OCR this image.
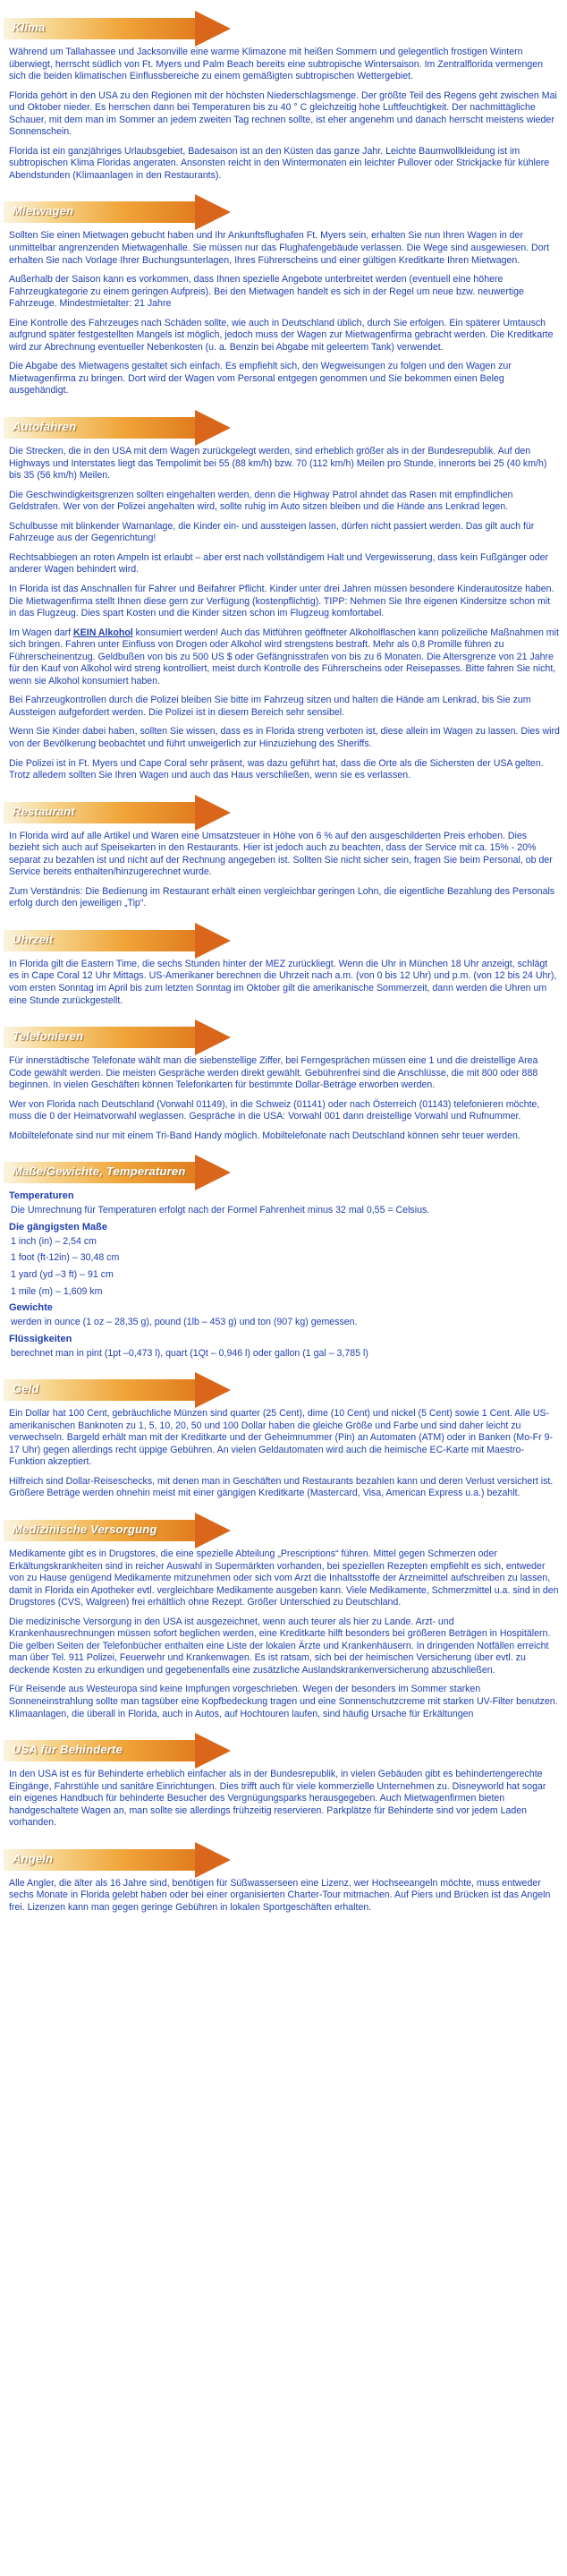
Klima

Während um Tallahassee und Jacksonville eine warme Klimazone mit heißen Sommern und gelegentlich frostigen Wintern überwiegt, herrscht südlich von Ft. Myers und Palm Beach bereits eine subtropische Wintersaison. Im Zentralflorida vermengen sich die beiden klimatischen Einflussbereiche zu einem gemäßigten subtropischen Wettergebiet.

Florida gehört in den USA zu den Regionen mit der höchsten Niederschlagsmenge. Der größte Teil des Regens geht zwischen Mai und Oktober nieder. Es herrschen dann bei Temperaturen bis zu 40 ° C gleichzeitig hohe Luftfeuchtigkeit. Der nachmittägliche Schauer, mit dem man im Sommer an jedem zweiten Tag rechnen sollte, ist eher angenehm und danach herrscht meistens wieder Sonnenschein.

Florida ist ein ganzjähriges Urlaubsgebiet, Badesaison ist an den Küsten das ganze Jahr. Leichte Baumwollkleidung ist im subtropischen Klima Floridas angeraten. Ansonsten reicht in den Wintermonaten ein leichter Pullover oder Strickjacke für kühlere Abendstunden (Klimaanlagen in den Restaurants).

Mietwagen

Sollten Sie einen Mietwagen gebucht haben und Ihr Ankunftsflughafen Ft. Myers sein, erhalten Sie nun Ihren Wagen in der unmittelbar angrenzenden Mietwagenhalle. Sie müssen nur das Flughafengebäude verlassen. Die Wege sind ausgewiesen. Dort erhalten Sie nach Vorlage Ihrer Buchungsunterlagen, Ihres Führerscheins und einer gültigen Kreditkarte Ihren Mietwagen.

Außerhalb der Saison kann es vorkommen, dass Ihnen spezielle Angebote unterbreitet werden (eventuell eine höhere Fahrzeugkategorie zu einem geringen Aufpreis). Bei den Mietwagen handelt es sich in der Regel um neue bzw. neuwertige Fahrzeuge. Mindestmietalter: 21 Jahre

Eine Kontrolle des Fahrzeuges nach Schäden sollte, wie auch in Deutschland üblich, durch Sie erfolgen. Ein späterer Umtausch aufgrund später festgestellten Mangels ist möglich, jedoch muss der Wagen zur Mietwagenfirma gebracht werden. Die Kreditkarte wird zur Abrechnung eventueller Nebenkosten (u. a. Benzin bei Abgabe mit geleertem Tank) verwendet.

Die Abgabe des Mietwagens gestaltet sich einfach. Es empfiehlt sich, den Wegweisungen zu folgen und den Wagen zur Mietwagenfirma zu bringen. Dort wird der Wagen vom Personal entgegen genommen und Sie bekommen einen Beleg ausgehändigt.

Autofahren

Die Strecken, die in den USA mit dem Wagen zurückgelegt werden, sind erheblich größer als in der Bundesrepublik. Auf den Highways und Interstates liegt das Tempolimit bei 55 (88 km/h) bzw. 70 (112 km/h) Meilen pro Stunde, innerorts bei 25 (40 km/h) bis 35 (56 km/h) Meilen.

Die Geschwindigkeitsgrenzen sollten eingehalten werden, denn die Highway Patrol ahndet das Rasen mit empfindlichen Geldstrafen. Wer von der Polizei angehalten wird, sollte ruhig im Auto sitzen bleiben und die Hände ans Lenkrad legen.

Schulbusse mit blinkender Warnanlage, die Kinder ein- und aussteigen lassen, dürfen nicht passiert werden. Das gilt auch für Fahrzeuge aus der Gegenrichtung!

Rechtsabbiegen an roten Ampeln ist erlaubt – aber erst nach vollständigem Halt und Vergewisserung, dass kein Fußgänger oder anderer Wagen behindert wird.

In Florida ist das Anschnallen für Fahrer und Beifahrer Pflicht. Kinder unter drei Jahren müssen besondere Kinderautositze haben. Die Mietwagenfirma stellt Ihnen diese gern zur Verfügung (kostenpflichtig). TIPP: Nehmen Sie Ihre eigenen Kindersitze schon mit in das Flugzeug. Dies spart Kosten und die Kinder sitzen schon im Flugzeug komfortabel.

Im Wagen darf KEIN Alkohol konsumiert werden! Auch das Mitführen geöffneter Alkoholflaschen kann polizeiliche Maßnahmen mit sich bringen. Fahren unter Einfluss von Drogen oder Alkohol wird strengstens bestraft. Mehr als 0,8 Promille führen zu Führerscheinentzug. Geldbußen von bis zu 500 US $ oder Gefängnisstrafen von bis zu 6 Monaten. Die Altersgrenze von 21 Jahre für den Kauf von Alkohol wird streng kontrolliert, meist durch Kontrolle des Führerscheins oder Reisepasses. Bitte fahren Sie nicht, wenn sie Alkohol konsumiert haben.

Bei Fahrzeugkontrollen durch die Polizei bleiben Sie bitte im Fahrzeug sitzen und halten die Hände am Lenkrad, bis Sie zum Aussteigen aufgefordert werden. Die Polizei ist in diesem Bereich sehr sensibel.

Wenn Sie Kinder dabei haben, sollten Sie wissen, dass es in Florida streng verboten ist, diese allein im Wagen zu lassen. Dies wird von der Bevölkerung beobachtet und führt unweigerlich zur Hinzuziehung des Sheriffs.

Die Polizei ist in Ft. Myers und Cape Coral sehr präsent, was dazu geführt hat, dass die Orte als die Sichersten der USA gelten. Trotz alledem sollten Sie Ihren Wagen und auch das Haus verschließen, wenn sie es verlassen.

Restaurant

In Florida wird auf alle Artikel und Waren eine Umsatzsteuer in Höhe von 6 % auf den ausgeschilderten Preis erhoben. Dies bezieht sich auch auf Speisekarten in den Restaurants. Hier ist jedoch auch zu beachten, dass der Service mit ca. 15% - 20% separat zu bezahlen ist und nicht auf der Rechnung angegeben ist. Sollten Sie nicht sicher sein, fragen Sie beim Personal, ob der Service bereits enthalten/hinzugerechnet wurde.

Zum Verständnis: Die Bedienung im Restaurant erhält einen vergleichbar geringen Lohn, die eigentliche Bezahlung des Personals erfolg durch den jeweiligen „Tip“.

Uhrzeit

In Florida gilt die Eastern Time, die sechs Stunden hinter der MEZ zurückliegt. Wenn die Uhr in München 18 Uhr anzeigt, schlägt es in Cape Coral 12 Uhr Mittags. US-Amerikaner berechnen die Uhrzeit nach a.m. (von 0 bis 12 Uhr) und p.m. (von 12 bis 24 Uhr), vom ersten Sonntag im April bis zum letzten Sonntag im Oktober gilt die amerikanische Sommerzeit, dann werden die Uhren um eine Stunde zurückgestellt.

Telefonieren

Für innerstädtische Telefonate wählt man die siebenstellige Ziffer, bei Ferngesprächen müssen eine 1 und die dreistellige Area Code gewählt werden. Die meisten Gespräche werden direkt gewählt. Gebührenfrei sind die Anschlüsse, die mit 800 oder 888 beginnen. In vielen Geschäften können Telefonkarten für bestimmte Dollar-Beträge erworben werden.

Wer von Florida nach Deutschland (Vorwahl 01149), in die Schweiz (01141) oder nach Österreich (01143) telefonieren möchte, muss die 0 der Heimatvorwahl weglassen. Gespräche in die USA: Vorwahl 001 dann dreistellige Vorwahl und Rufnummer.

Mobiltelefonate sind nur mit einem Tri-Band Handy möglich. Mobiltelefonate nach Deutschland können sehr teuer werden.

Maße/Gewichte, Temperaturen
Temperaturen

Die Umrechnung für Temperaturen erfolgt nach der Formel Fahrenheit minus 32 mal 0,55 = Celsius.

Die gängigsten Maße

1 inch (in) – 2,54 cm

1 foot (ft-12in) – 30,48 cm

1 yard (yd –3 ft) – 91 cm

1 mile (m) – 1,609 km

Gewichte

werden in ounce (1 oz – 28,35 g), pound (1lb – 453 g) und ton (907 kg) gemessen.

Flüssigkeiten

berechnet man in pint (1pt –0,473 l), quart (1Qt – 0,946 l) oder gallon (1 gal – 3,785 l)

Geld

Ein Dollar hat 100 Cent, gebräuchliche Münzen sind quarter (25 Cent), dime (10 Cent) und nickel (5 Cent) sowie 1 Cent. Alle US-amerikanischen Banknoten zu 1, 5, 10, 20, 50 und 100 Dollar haben die gleiche Größe und Farbe und sind daher leicht zu verwechseln. Bargeld erhält man mit der Kreditkarte und der Geheimnummer (Pin) an Automaten (ATM) oder in Banken (Mo-Fr 9-17 Uhr) gegen allerdings recht üppige Gebühren. An vielen Geldautomaten wird auch die heimische EC-Karte mit Maestro-Funktion akzeptiert.

Hilfreich sind Dollar-Reiseschecks, mit denen man in Geschäften und Restaurants bezahlen kann und deren Verlust versichert ist. Größere Beträge werden ohnehin meist mit einer gängigen Kreditkarte (Mastercard, Visa, American Express u.a.) bezahlt.

Medizinische Versorgung

Medikamente gibt es in Drugstores, die eine spezielle Abteilung „Prescriptions“ führen. Mittel gegen Schmerzen oder Erkältungskrankheiten sind in reicher Auswahl in Supermärkten vorhanden, bei speziellen Rezepten empfiehlt es sich, entweder von zu Hause genügend Medikamente mitzunehmen oder sich vom Arzt die Inhaltsstoffe der Arzneimittel aufschreiben zu lassen, damit in Florida ein Apotheker evtl. vergleichbare Medikamente ausgeben kann. Viele Medikamente, Schmerzmittel u.a. sind in den Drugstores (CVS, Walgreen) frei erhältlich ohne Rezept. Größer Unterschied zu Deutschland.

Die medizinische Versorgung in den USA ist ausgezeichnet, wenn auch teurer als hier zu Lande. Arzt- und Krankenhausrechnungen müssen sofort beglichen werden, eine Kreditkarte hilft besonders bei größeren Beträgen in Hospitälern. Die gelben Seiten der Telefonbücher enthalten eine Liste der lokalen Ärzte und Krankenhäusern. In dringenden Notfällen erreicht man über Tel. 911 Polizei, Feuerwehr und Krankenwagen. Es ist ratsam, sich bei der heimischen Versicherung über evtl. zu deckende Kosten zu erkundigen und gegebenenfalls eine zusätzliche Auslandskrankenversicherung abzuschließen.

Für Reisende aus Westeuropa sind keine Impfungen vorgeschrieben. Wegen der besonders im Sommer starken Sonneneinstrahlung sollte man tagsüber eine Kopfbedeckung tragen und eine Sonnenschutzcreme mit starken UV-Filter benutzen. Klimaanlagen, die überall in Florida, auch in Autos, auf Hochtouren laufen, sind häufig Ursache für Erkältungen

USA für Behinderte

In den USA ist es für Behinderte erheblich einfacher als in der Bundesrepublik, in vielen Gebäuden gibt es behindertengerechte Eingänge, Fahrstühle und sanitäre Einrichtungen. Dies trifft auch für viele kommerzielle Unternehmen zu. Disneyworld hat sogar ein eigenes Handbuch für behinderte Besucher des Vergnügungsparks herausgegeben. Auch Mietwagenfirmen bieten handgeschaltete Wagen an, man sollte sie allerdings frühzeitig reservieren. Parkplätze für Behinderte sind vor jedem Laden vorhanden.

Angeln

Alle Angler, die älter als 16 Jahre sind, benötigen für Süßwasserseen eine Lizenz, wer Hochseeangeln möchte, muss entweder sechs Monate in Florida gelebt haben oder bei einer organisierten Charter-Tour mitmachen. Auf Piers und Brücken ist das Angeln frei. Lizenzen kann man gegen geringe Gebühren in lokalen Sportgeschäften erhalten.
